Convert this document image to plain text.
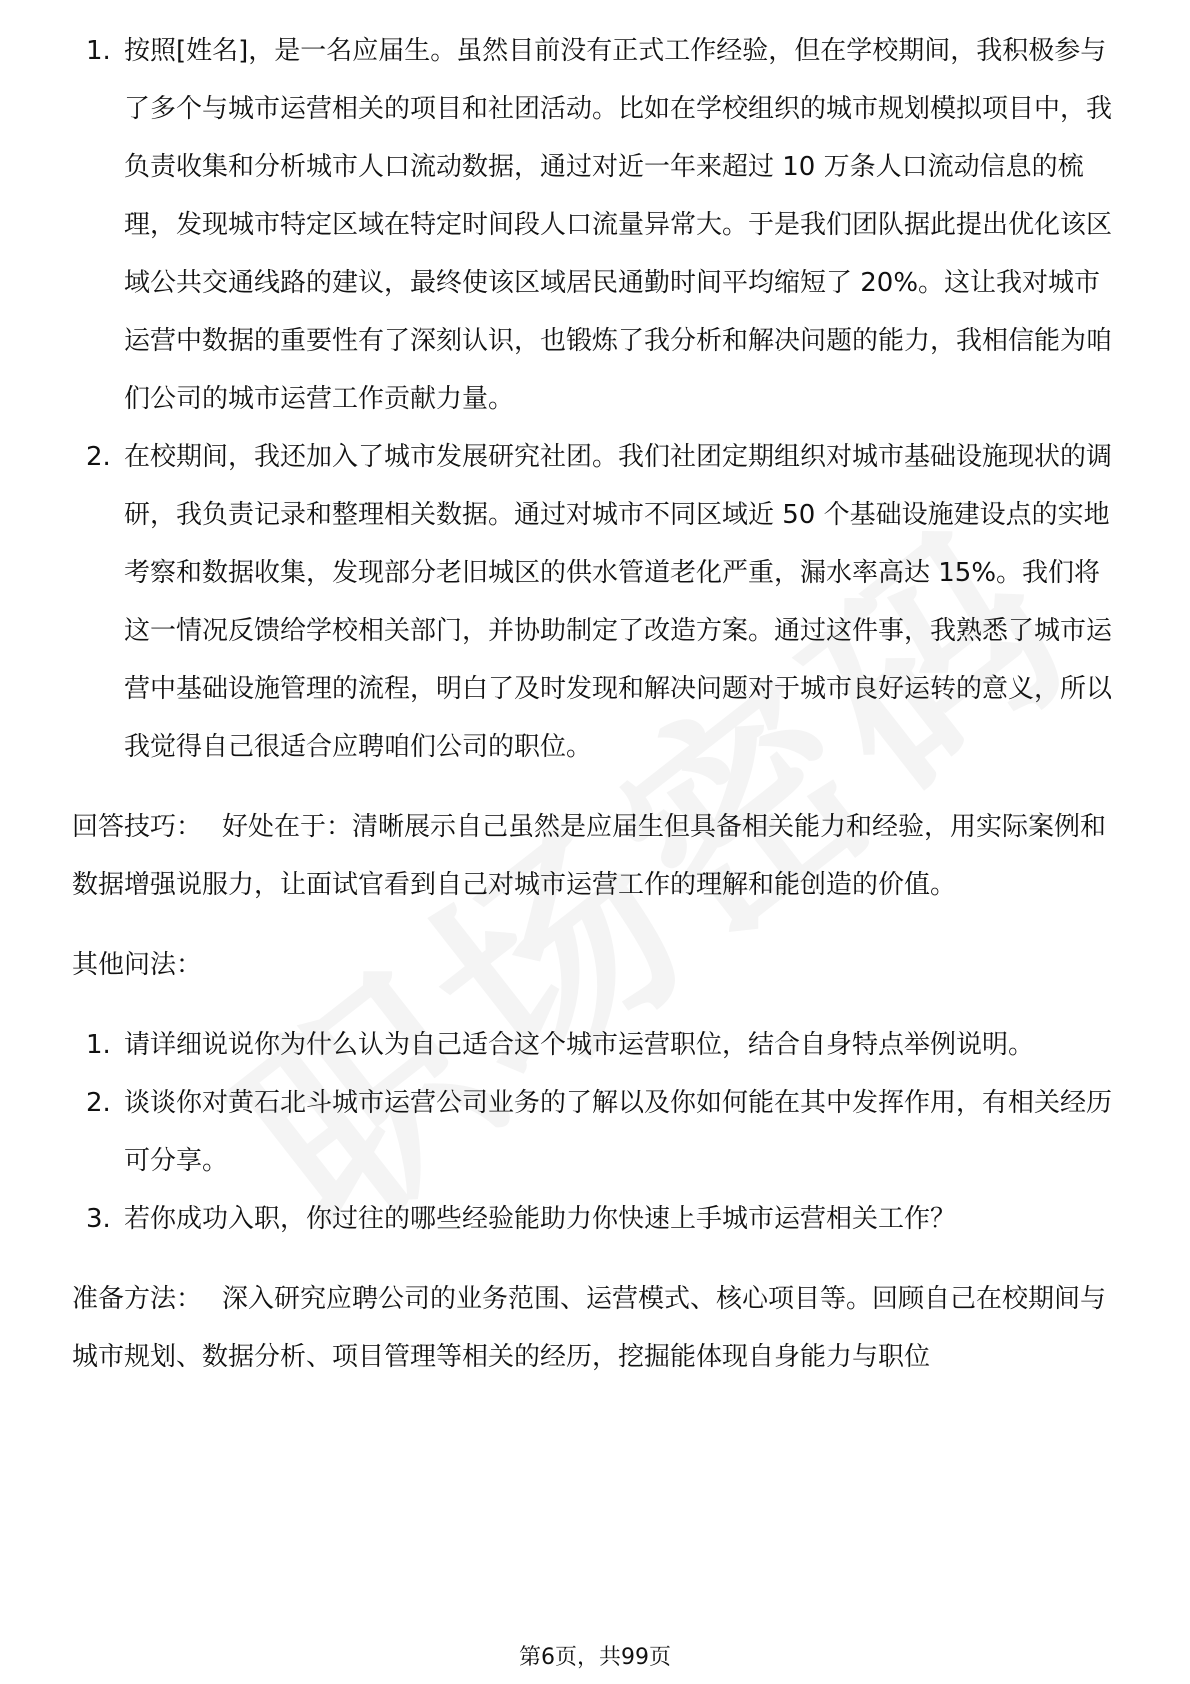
1. 按照[姓名]，是一名应届生。虽然目前没有正式工作经验，但在学校期间，我积极参与了多个与城市运营相关的项目和社团活动。比如在学校组织的城市规划模拟项目中，我负责收集和分析城市人口流动数据，通过对近一年来超过 10 万条人口流动信息的梳理，发现城市特定区域在特定时间段人口流量异常大。于是我们团队据此提出优化该区域公共交通线路的建议，最终使该区域居民通勤时间平均缩短了 20%。这让我对城市运营中数据的重要性有了深刻认识，也锻炼了我分析和解决问题的能力，我相信能为咱们公司的城市运营工作贡献力量。
2. 在校期间，我还加入了城市发展研究社团。我们社团定期组织对城市基础设施现状的调研，我负责记录和整理相关数据。通过对城市不同区域近 50 个基础设施建设点的实地考察和数据收集，发现部分老旧城区的供水管道老化严重，漏水率高达 15%。我们将这一情况反馈给学校相关部门，并协助制定了改造方案。通过这件事，我熟悉了城市运营中基础设施管理的流程，明白了及时发现和解决问题对于城市良好运转的意义，所以我觉得自己很适合应聘咱们公司的职位。

回答技巧： 好处在于：清晰展示自己虽然是应届生但具备相关能力和经验，用实际案例和数据增强说服力，让面试官看到自己对城市运营工作的理解和能创造的价值。

其他问法：

1. 请详细说说你为什么认为自己适合这个城市运营职位，结合自身特点举例说明。
2. 谈谈你对黄石北斗城市运营公司业务的了解以及你如何能在其中发挥作用，有相关经历可分享。
3. 若你成功入职，你过往的哪些经验能助力你快速上手城市运营相关工作？

准备方法： 深入研究应聘公司的业务范围、运营模式、核心项目等。回顾自己在校期间与城市规划、数据分析、项目管理等相关的经历，挖掘能体现自身能力与职位

第6页，共99页
